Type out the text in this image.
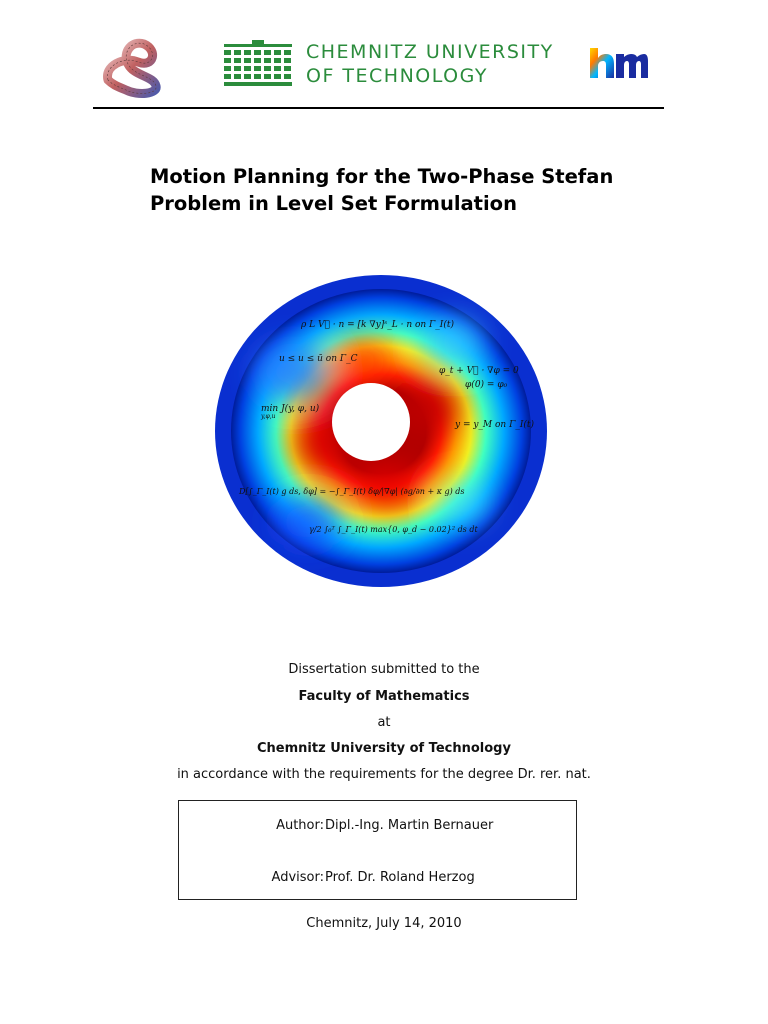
CHEMNITZ UNIVERSITY
OF TECHNOLOGY
Motion Planning for the Two-Phase Stefan
Problem in Level Set Formulation
ρ L V⃗ · n = [k ∇y]ˢ_L · n on Γ_I(t)
u ≤ u ≤ ū on Γ_C
φ_t + V⃗ · ∇φ = 0
φ(0) = φ₀
min J(y, φ, u)
y,φ,u
y = y_M on Γ_I(t)
D[∫_Γ_I(t) g ds, δφ] = −∫_Γ_I(t) δφ/|∇φ| (∂g/∂n + κ g) ds
γ/2 ∫₀ᵀ ∫_Γ_I(t) max{0, φ_d − 0.02}² ds dt
Dissertation submitted to the
Faculty of Mathematics
at
Chemnitz University of Technology
in accordance with the requirements for the degree Dr. rer. nat.
Author: Dipl.-Ing. Martin Bernauer
Advisor: Prof. Dr. Roland Herzog
Chemnitz, July 14, 2010
